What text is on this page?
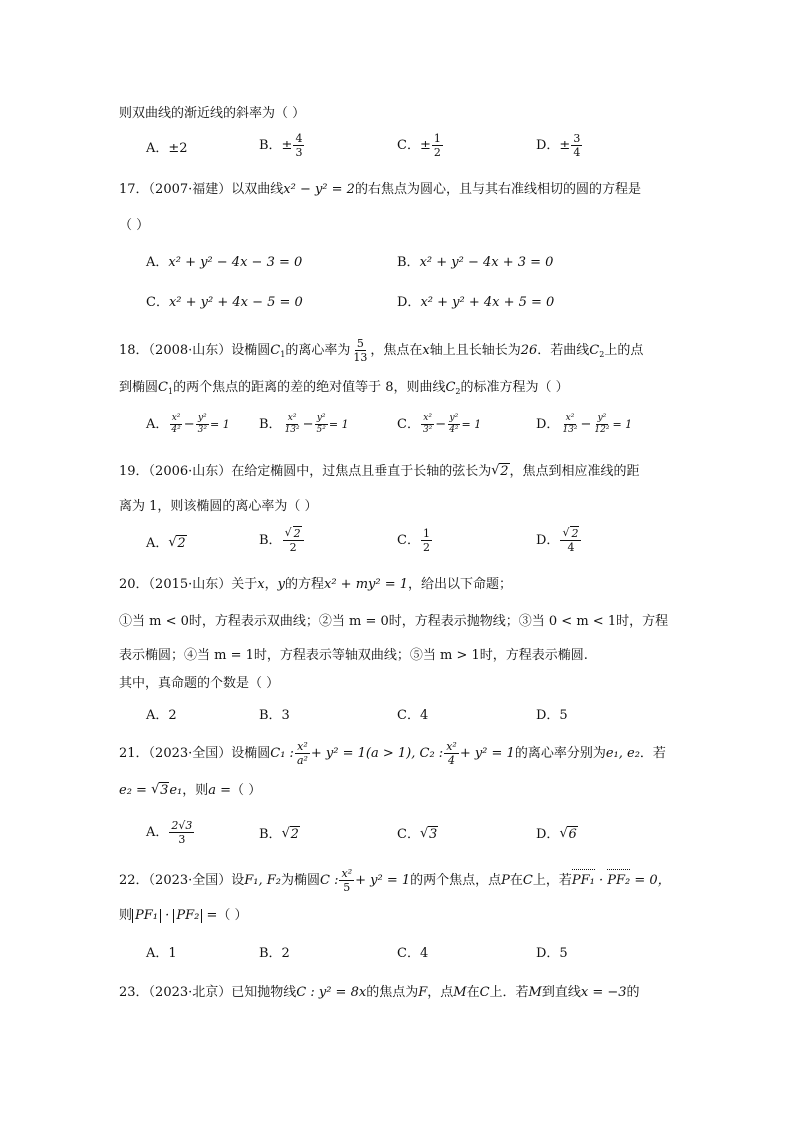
则双曲线的渐近线的斜率为（ ）
A．±2	B．± $\frac{4}{3}$	C．± $\frac{1}{2}$	D．± $\frac{3}{4}$
17．（2007·福建）以双曲线x² − y² = 2的右焦点为圆心，且与其右准线相切的圆的方程是
（ ）
A．x² + y² − 4x − 3 = 0	B．x² + y² − 4x + 3 = 0
C．x² + y² + 4x − 5 = 0	D．x² + y² + 4x + 5 = 0
18．（2008·山东）设椭圆$C_1$的离心率为 $\frac{5}{13}$ ，焦点在x轴上且长轴长为26．若曲线$C_2$上的点
到椭圆$C_1$的两个焦点的距离的差的绝对值等于 8，则曲线$C_2$的标准方程为（ ）
A． $\frac{\text{x²}}{\text{4²}} - \frac{\text{y²}}{\text{3²}} = 1$ B． $\frac{\text{x²}}{\text{13²}} - \frac{\text{y²}}{\text{5²}} = 1$	C． $\frac{\text{x²}}{\text{3²}} - \frac{\text{y²}}{\text{4²}} = 1$	D． $\frac{\text{x²}}{\text{13²}} - \frac{\text{y²}}{\text{12²}} = 1$
19．（2006·山东）在给定椭圆中，过焦点且垂直于长轴的弦长为 √ 2，焦点到相应准线的距
离为 1，则该椭圆的离心率为（ ）
A． √ 2	B． √ $\frac{2}{2}$	C． $\frac{1}{2}$	D． √ $\frac{2}{4}$
20．（2015·山东）关于x，y的方程x² + my² = 1，给出以下命题；
①当 m < 0时，方程表示双曲线；②当 m = 0时，方程表示抛物线；③当 0 < m < 1时，方程
表示椭圆；④当 m = 1时，方程表示等轴双曲线；⑤当 m > 1时，方程表示椭圆.
其中，真命题的个数是（ ）
A．2	B．3	C．4	D．5
21．（2023·全国）设椭圆C₁ : $\frac{\text{x²}}{\text{a²}} + y^2 = 1(a > 1)$, C₂ : $\frac{\text{x²}}{4} + y^2 = 1$的离心率分别为e₁, e₂．若
e₂ = √ 3e₁，则a =（ ）
A． $\frac{2√3}{3}$	B． √ 2	C． √ 3	D． √ 6
22．（2023·全国）设F₁, F₂为椭圆C : $\frac{\text{x²}}{5} + y^2 = 1$的两个焦点，点P在C上，若PF₁ · PF₂ = 0，
则 PF₁ · PF₂ =（ ）
A．1	B．2	C．4	D．5
23．（2023·北京）已知抛物线C : y² = 8x的焦点为F，点M在C上．若M到直线x = −3的
